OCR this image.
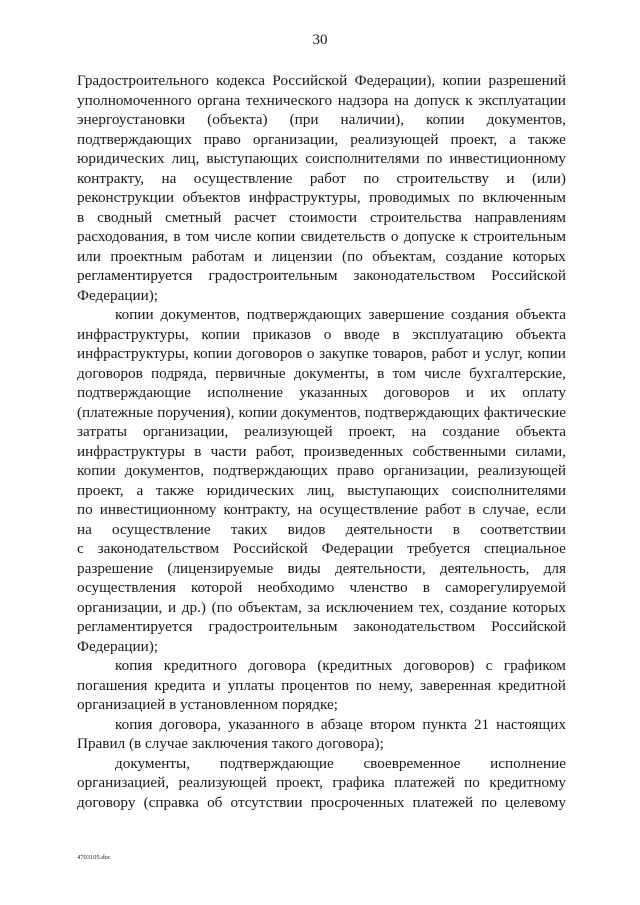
30
Градостроительного кодекса Российской Федерации), копии разрешений
уполномоченного органа технического надзора на допуск к эксплуатации
энергоустановки (объекта) (при наличии), копии документов,
подтверждающих право организации, реализующей проект, а также
юридических лиц, выступающих соисполнителями по инвестиционному
контракту, на осуществление работ по строительству и (или)
реконструкции объектов инфраструктуры, проводимых по включенным
в сводный сметный расчет стоимости строительства направлениям
расходования, в том числе копии свидетельств о допуске к строительным
или проектным работам и лицензии (по объектам, создание которых
регламентируется градостроительным законодательством Российской
Федерации);
копии документов, подтверждающих завершение создания объекта
инфраструктуры, копии приказов о вводе в эксплуатацию объекта
инфраструктуры, копии договоров о закупке товаров, работ и услуг, копии
договоров подряда, первичные документы, в том числе бухгалтерские,
подтверждающие исполнение указанных договоров и их оплату
(платежные поручения), копии документов, подтверждающих фактические
затраты организации, реализующей проект, на создание объекта
инфраструктуры в части работ, произведенных собственными силами,
копии документов, подтверждающих право организации, реализующей
проект, а также юридических лиц, выступающих соисполнителями
по инвестиционному контракту, на осуществление работ в случае, если
на осуществление таких видов деятельности в соответствии
с законодательством Российской Федерации требуется специальное
разрешение (лицензируемые виды деятельности, деятельность, для
осуществления которой необходимо членство в саморегулируемой
организации, и др.) (по объектам, за исключением тех, создание которых
регламентируется градостроительным законодательством Российской
Федерации);
копия кредитного договора (кредитных договоров) с графиком
погашения кредита и уплаты процентов по нему, заверенная кредитной
организацией в установленном порядке;
копия договора, указанного в абзаце втором пункта 21 настоящих
Правил (в случае заключения такого договора);
документы, подтверждающие своевременное исполнение
организацией, реализующей проект, графика платежей по кредитному
договору (справка об отсутствии просроченных платежей по целевому
4703105.doc
